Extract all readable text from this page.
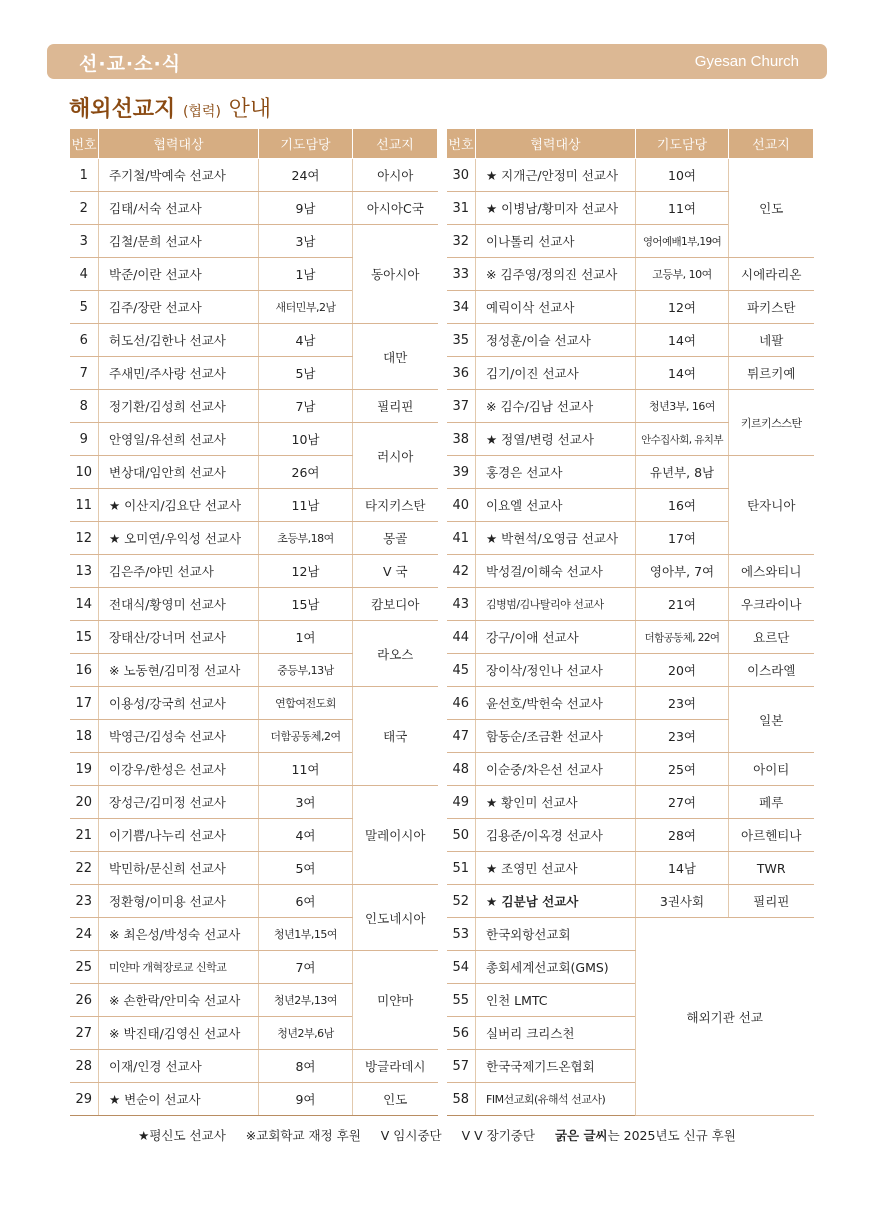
선·교·소·식	Gyesan Church
해외선교지 (협력) 안내
번호	협력대상	기도담당	선교지
1	주기철/박예숙 선교사	24여	아시아
2	김태/서숙 선교사	9남	아시아C국
3	김철/문희 선교사	3남	동아시아
4	박준/이란 선교사	1남	
5	김주/장란 선교사	새터민부,2남	
6	허도선/김한나 선교사	4남	대만
7	주새민/주사랑 선교사	5남	
8	정기환/김성희 선교사	7남	필리핀
9	안영일/유선희 선교사	10남	러시아
10	변상대/임안희 선교사	26여	
11	★ 이산지/김요단 선교사	11남	타지키스탄
12	★ 오미연/우익성 선교사	초등부,18여	몽골
13	김은주/야민 선교사	12남	V 국
14	전대식/황영미 선교사	15남	캄보디아
15	장태산/강너머 선교사	1여	라오스
16	※ 노동현/김미정 선교사	중등부,13남	
17	이용성/강국희 선교사	연합여전도회	태국
18	박영근/김성숙 선교사	더함공동체,2여	
19	이강우/한성은 선교사	11여	
20	장성근/김미정 선교사	3여	말레이시아
21	이기쁨/나누리 선교사	4여	
22	박민하/문신희 선교사	5여	
23	정환형/이미용 선교사	6여	인도네시아
24	※ 최은성/박성숙 선교사	청년1부,15여	
25	미얀마 개혁장로교 신학교	7여	미얀마
26	※ 손한락/안미숙 선교사	청년2부,13여	
27	※ 박진태/김영신 선교사	청년2부,6남	
28	이재/인경 선교사	8여	방글라데시
29	★ 변순이 선교사	9여	인도
번호	협력대상	기도담당	선교지
30	★ 지개근/안정미 선교사	10여	인도
31	★ 이병남/황미자 선교사	11여	
32	이나톨리 선교사	영어예배1부,19여	
33	※ 김주영/정의진 선교사	고등부, 10여	시에라리온
34	예릭이삭 선교사	12여	파키스탄
35	정성훈/이슬 선교사	14여	네팔
36	김기/이진 선교사	14여	튀르키예
37	※ 김수/김남 선교사	청년3부, 16여	키르키스스탄
38	★ 정열/변령 선교사	안수집사회, 유치부	
39	홍경은 선교사	유년부, 8남	탄자니아
40	이요엘 선교사	16여	
41	★ 박현석/오영금 선교사	17여	
42	박성걸/이해숙 선교사	영아부, 7여	에스와티니
43	김병범/김나탈리야 선교사	21여	우크라이나
44	강구/이애 선교사	더함공동체, 22여	요르단
45	장이삭/정인나 선교사	20여	이스라엘
46	윤선호/박헌숙 선교사	23여	일본
47	함동순/조금환 선교사	23여	
48	이순중/차은선 선교사	25여	아이티
49	★ 황인미 선교사	27여	페루
50	김용준/이옥경 선교사	28여	아르헨티나
51	★ 조영민 선교사	14남	TWR
52	★ 김분남 선교사	3권사회	필리핀
53	한국외항선교회	해외기관 선교	
54	총회세계선교회(GMS)		
55	인천 LMTC		
56	실버리 크리스천		
57	한국국제기드온협회		
58	FIM선교회(유해석 선교사)		
★평신도 선교사 ※교회학교 재정 후원 V 임시중단 V V 장기중단 굵은 글씨는 2025년도 신규 후원
